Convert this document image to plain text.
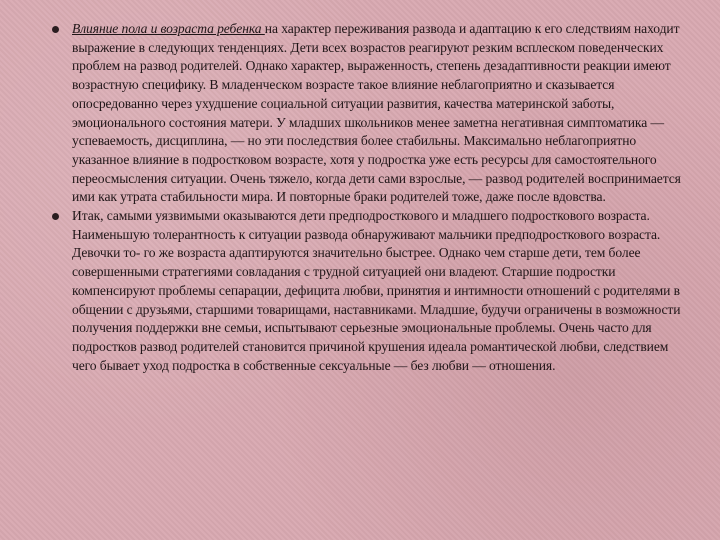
Влияние пола и возраста ребенка на характер переживания развода и адаптацию к его следствиям находит выражение в следующих тенденциях. Дети всех возрастов реагируют резким всплеском поведенческих проблем на развод родителей. Однако характер, выраженность, степень дезадаптивности реакции имеют возрастную специфику. В младенческом возрасте такое влияние неблагоприятно и сказывается опосредованно через ухудшение социальной ситуации развития, качества материнской заботы, эмоционального состояния матери. У младших школьников менее заметна негативная симптоматика — успеваемость, дисциплина, — но эти последствия более стабильны. Максимально неблагоприятно указанное влияние в подростковом возрасте, хотя у подростка уже есть ресурсы для самостоятельного переосмысления ситуации. Очень тяжело, когда дети сами взрослые, — развод родителей воспринимается ими как утрата стабильности мира. И повторные браки родителей тоже, даже после вдовства.
Итак, самыми уязвимыми оказываются дети предподросткового и младшего подросткового возраста. Наименьшую толерантность к ситуации развода обнаруживают мальчики предподросткового возраста. Девочки то- го же возраста адаптируются значительно быстрее. Однако чем старше дети, тем более совершенными стратегиями совладания с трудной ситуацией они владеют. Старшие подростки компенсируют проблемы сепарации, дефицита любви, принятия и интимности отношений с родителями в общении с друзьями, старшими товарищами, наставниками. Младшие, будучи ограничены в возможности получения поддержки вне семьи, испытывают серьезные эмоциональные проблемы. Очень часто для подростков развод родителей становится причиной крушения идеала романтической любви, следствием чего бывает уход подростка в собственные сексуальные — без любви — отношения.
